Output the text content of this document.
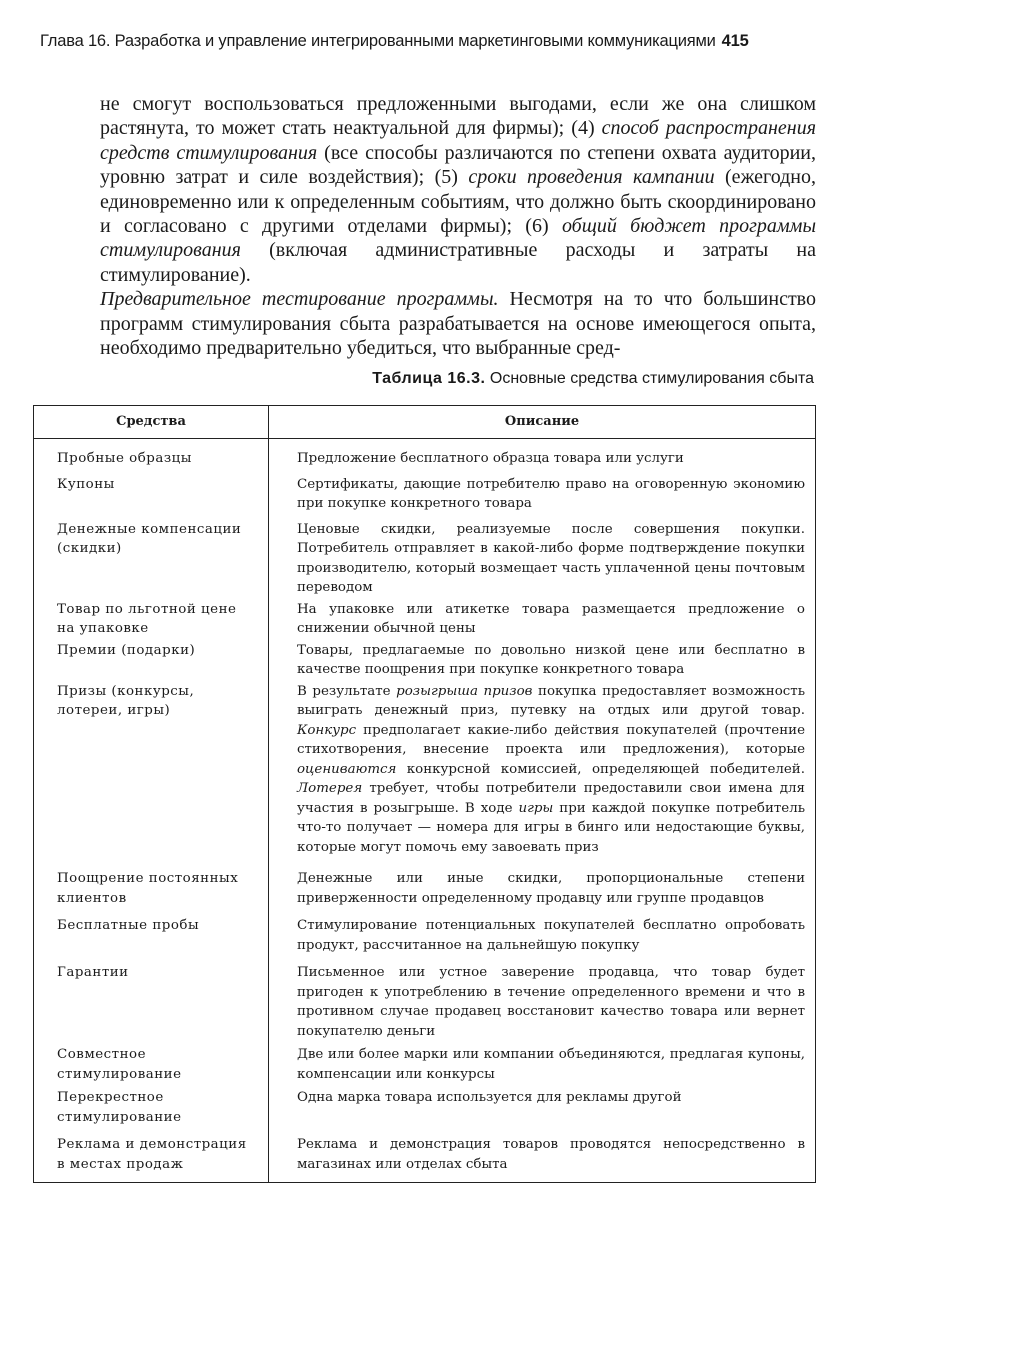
Глава 16. Разработка и управление интегрированными маркетинговыми коммуникациями 415

не смогут воспользоваться предложенными выгодами, если же она слишком растянута, то может стать неактуальной для фирмы); (4) способ распространения средств стимулирования (все способы различаются по степени охвата аудитории, уровню затрат и силе воздействия); (5) сроки проведения кампании (ежегодно, единовременно или к определенным событиям, что должно быть скоординировано и согласовано с другими отделами фирмы); (6) общий бюджет программы стимулирования (включая административные расходы и затраты на стимулирование).

Предварительное тестирование программы. Несмотря на то что большинство программ стимулирования сбыта разрабатывается на основе имеющегося опыта, необходимо предварительно убедиться, что выбранные сред-

Таблица 16.3. Основные средства стимулирования сбыта
Средства	Описание
Пробные образцы	Предложение бесплатного образца товара или услуги
Купоны	Сертификаты, дающие потребителю право на оговоренную экономию при покупке конкретного товара
Денежные компенсации (скидки)	Ценовые скидки, реализуемые после совершения покупки. Потребитель отправляет в какой-либо форме подтверждение покупки производителю, который возмещает часть уплаченной цены почтовым переводом
Товар по льготной цене на упаковке	На упаковке или атикетке товара размещается предложение о снижении обычной цены
Премии (подарки)	Товары, предлагаемые по довольно низкой цене или бесплатно в качестве поощрения при покупке конкретного товара
Призы (конкурсы, лотереи, игры)	В результате розыгрыша призов покупка предоставляет возможность выиграть денежный приз, путевку на отдых или другой товар. Конкурс предполагает какие-либо действия покупателей (прочтение стихотворения, внесение проекта или предложения), которые оцениваются конкурсной комиссией, определяющей победителей. Лотерея требует, чтобы потребители предоставили свои имена для участия в розыгрыше. В ходе игры при каждой покупке потребитель что-то получает — номера для игры в бинго или недостающие буквы, которые могут помочь ему завоевать приз
Поощрение постоянных клиентов	Денежные или иные скидки, пропорциональные степени приверженности определенному продавцу или группе продавцов
Бесплатные пробы	Стимулирование потенциальных покупателей бесплатно опробовать продукт, рассчитанное на дальнейшую покупку
Гарантии	Письменное или устное заверение продавца, что товар будет пригоден к употреблению в течение определенного времени и что в противном случае продавец восстановит качество товара или вернет покупателю деньги
Совместное стимулирование	Две или более марки или компании объединяются, предлагая купоны, компенсации или конкурсы
Перекрестное стимулирование	Одна марка товара используется для рекламы другой
Реклама и демонстрация в местах продаж	Реклама и демонстрация товаров проводятся непосредственно в магазинах или отделах сбыта
